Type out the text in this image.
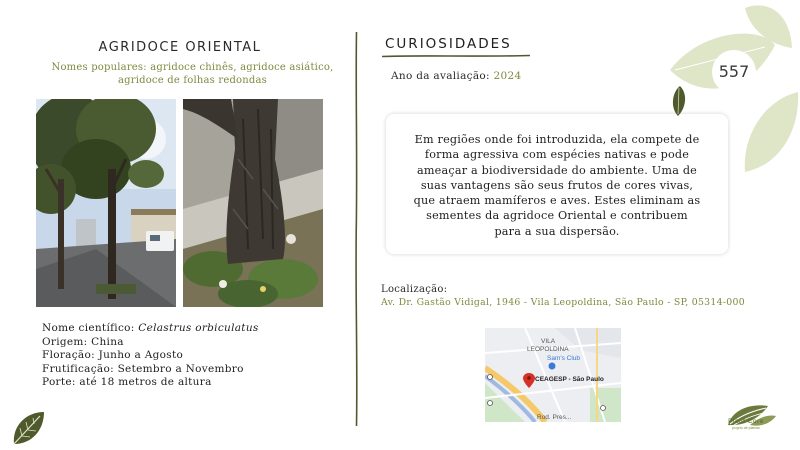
AGRIDOCE ORIENTAL
Nomes populares: agridoce chinês, agridoce asiático,
agridoce de folhas redondas
Nome científico: Celastrus orbiculatus
Origem: China
Floração: Junho a Agosto
Frutificação: Setembro a Novembro
Porte: até 18 metros de altura
CURIOSIDADES
Ano da avaliação: 2024
Em regiões onde foi introduzida, ela compete de
forma agressiva com espécies nativas e pode
ameaçar a biodiversidade do ambiente. Uma de
suas vantagens são seus frutos de cores vivas,
que atraem mamíferos e aves. Estes eliminam as
sementes da agridoce Oriental e contribuem
para a sua dispersão.
Localização:
Av. Dr. Gastão Vidigal, 1946 - Vila Leopoldina, São Paulo - SP, 05314-000
VILA
LEOPOLDINA
Sam's Club
CEAGESP - São Paulo
Rod. Pres...
557
Plant Core
projeto de plantas
